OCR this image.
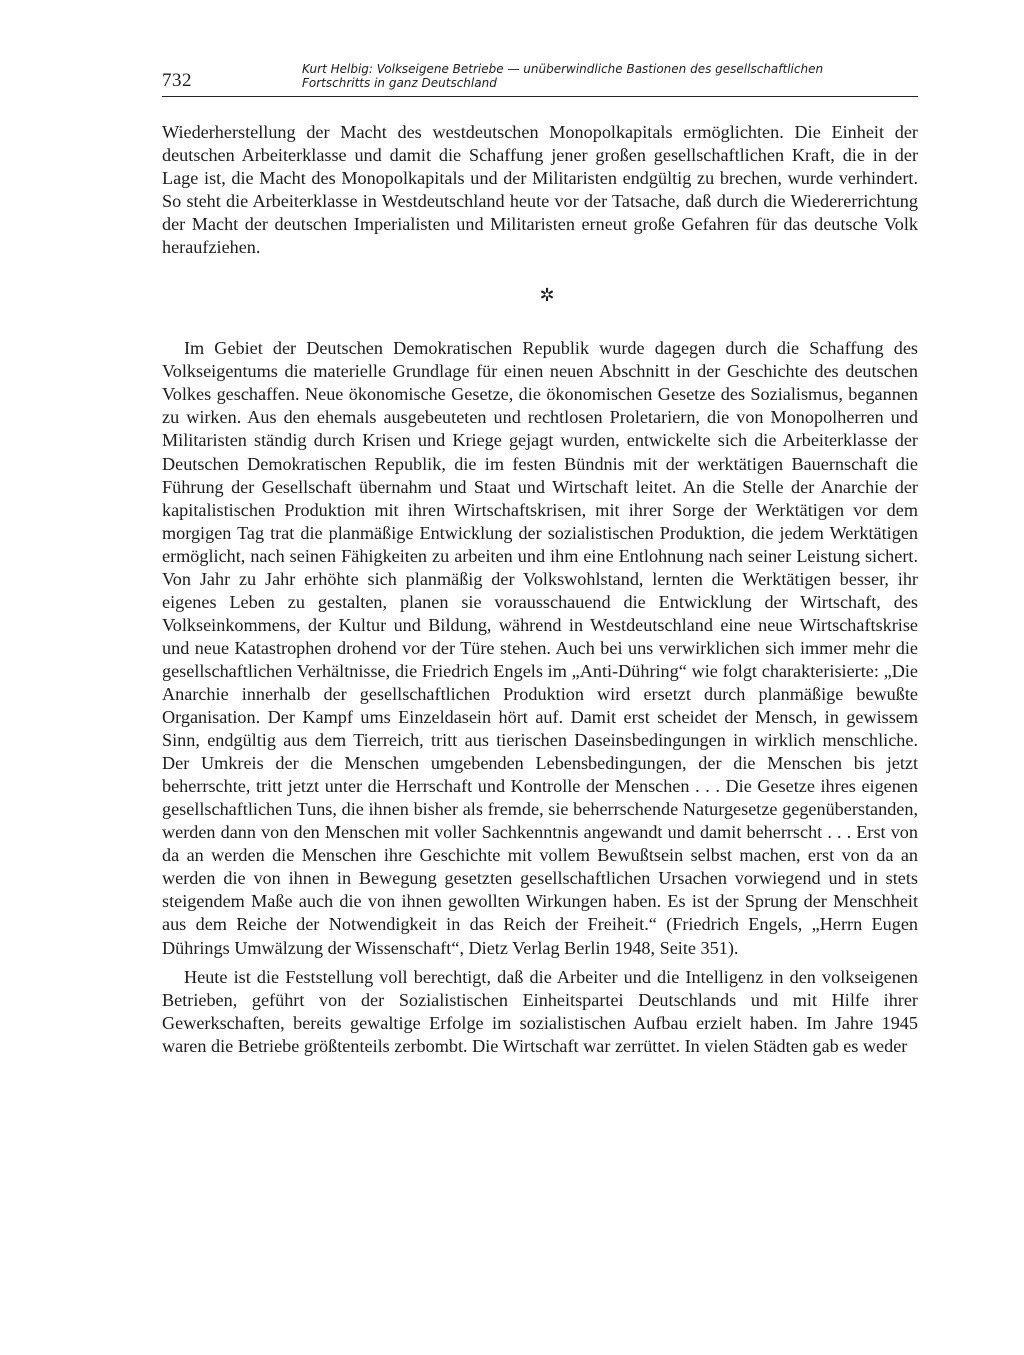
732
Kurt Helbig: Volkseigene Betriebe — unüberwindliche Bastionen des gesellschaftlichen
Fortschritts in ganz Deutschland

Wiederherstellung der Macht des westdeutschen Monopolkapitals ermöglichten. Die Einheit der deutschen Arbeiterklasse und damit die Schaffung jener großen gesellschaftlichen Kraft, die in der Lage ist, die Macht des Monopolkapitals und der Militaristen endgültig zu brechen, wurde verhindert. So steht die Arbeiterklasse in Westdeutschland heute vor der Tatsache, daß durch die Wiedererrichtung der Macht der deutschen Imperialisten und Militaristen erneut große Gefahren für das deutsche Volk heraufziehen.

✲

Im Gebiet der Deutschen Demokratischen Republik wurde dagegen durch die Schaffung des Volkseigentums die materielle Grundlage für einen neuen Abschnitt in der Geschichte des deutschen Volkes geschaffen. Neue ökonomische Gesetze, die ökonomischen Gesetze des Sozialismus, begannen zu wirken. Aus den ehemals ausgebeuteten und rechtlosen Proletariern, die von Monopolherren und Militaristen ständig durch Krisen und Kriege gejagt wurden, entwickelte sich die Arbeiterklasse der Deutschen Demokratischen Republik, die im festen Bündnis mit der werktätigen Bauernschaft die Führung der Gesellschaft übernahm und Staat und Wirtschaft leitet. An die Stelle der Anarchie der kapitalistischen Produktion mit ihren Wirtschaftskrisen, mit ihrer Sorge der Werktätigen vor dem morgigen Tag trat die planmäßige Entwicklung der sozialistischen Produktion, die jedem Werktätigen ermöglicht, nach seinen Fähigkeiten zu arbeiten und ihm eine Entlohnung nach seiner Leistung sichert. Von Jahr zu Jahr erhöhte sich planmäßig der Volkswohlstand, lernten die Werktätigen besser, ihr eigenes Leben zu gestalten, planen sie vorausschauend die Entwicklung der Wirtschaft, des Volkseinkommens, der Kultur und Bildung, während in Westdeutschland eine neue Wirtschaftskrise und neue Katastrophen drohend vor der Türe stehen. Auch bei uns verwirklichen sich immer mehr die gesellschaftlichen Verhältnisse, die Friedrich Engels im „Anti-Dühring“ wie folgt charakterisierte: „Die Anarchie innerhalb der gesellschaftlichen Produktion wird ersetzt durch planmäßige bewußte Organisation. Der Kampf ums Einzeldasein hört auf. Damit erst scheidet der Mensch, in gewissem Sinn, endgültig aus dem Tierreich, tritt aus tierischen Daseinsbedingungen in wirklich menschliche. Der Umkreis der die Menschen umgebenden Lebensbedingungen, der die Menschen bis jetzt beherrschte, tritt jetzt unter die Herrschaft und Kontrolle der Menschen . . . Die Gesetze ihres eigenen gesellschaftlichen Tuns, die ihnen bisher als fremde, sie beherrschende Naturgesetze gegenüberstanden, werden dann von den Menschen mit voller Sachkenntnis angewandt und damit beherrscht . . . Erst von da an werden die Menschen ihre Geschichte mit vollem Bewußtsein selbst machen, erst von da an werden die von ihnen in Bewegung gesetzten gesellschaftlichen Ursachen vorwiegend und in stets steigendem Maße auch die von ihnen gewollten Wirkungen haben. Es ist der Sprung der Menschheit aus dem Reiche der Notwendigkeit in das Reich der Freiheit.“ (Friedrich Engels, „Herrn Eugen Dührings Umwälzung der Wissenschaft“, Dietz Verlag Berlin 1948, Seite 351).

Heute ist die Feststellung voll berechtigt, daß die Arbeiter und die Intelligenz in den volkseigenen Betrieben, geführt von der Sozialistischen Einheitspartei Deutschlands und mit Hilfe ihrer Gewerkschaften, bereits gewaltige Erfolge im sozialistischen Aufbau erzielt haben. Im Jahre 1945 waren die Betriebe größtenteils zerbombt. Die Wirtschaft war zerrüttet. In vielen Städten gab es weder
